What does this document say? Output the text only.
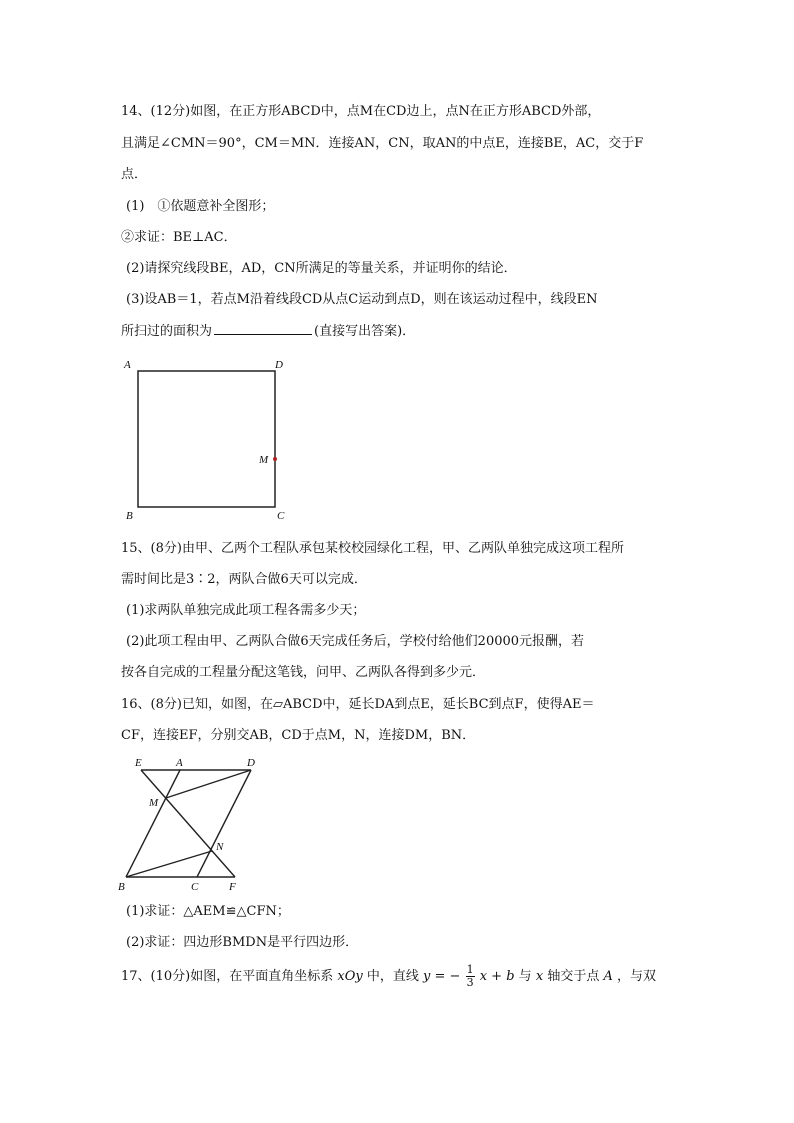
14、(12分)如图，在正方形ABCD中，点M在CD边上，点N在正方形ABCD外部，
且满足∠CMN＝90°，CM＝MN．连接AN，CN，取AN的中点E，连接BE，AC，交于F
点．
(1)　①依题意补全图形；
②求证：BE⊥AC．
(2)请探究线段BE，AD，CN所满足的等量关系，并证明你的结论．
(3)设AB＝1，若点M沿着线段CD从点C运动到点D，则在该运动过程中，线段EN
所扫过的面积为	(直接写出答案)．
A	D
M
B	C
15、(8分)由甲、乙两个工程队承包某校校园绿化工程，甲、乙两队单独完成这项工程所
需时间比是3∶2，两队合做6天可以完成．
(1)求两队单独完成此项工程各需多少天；
(2)此项工程由甲、乙两队合做6天完成任务后，学校付给他们20000元报酬，若
按各自完成的工程量分配这笔钱，问甲、乙两队各得到多少元．
16、(8分)已知，如图，在▱ABCD中，延长DA到点E，延长BC到点F，使得AE＝
CF，连接EF，分别交AB，CD于点M，N，连接DM，BN．
E	A	D
M
N
B	C	F
(1)求证：△AEM≌△CFN；
(2)求证：四边形BMDN是平行四边形．
17、(10分)如图，在平面直角坐标系 xOy 中，直线 y = − $\frac{1}{3}$ x + b 与 x 轴交于点 A ，与双
